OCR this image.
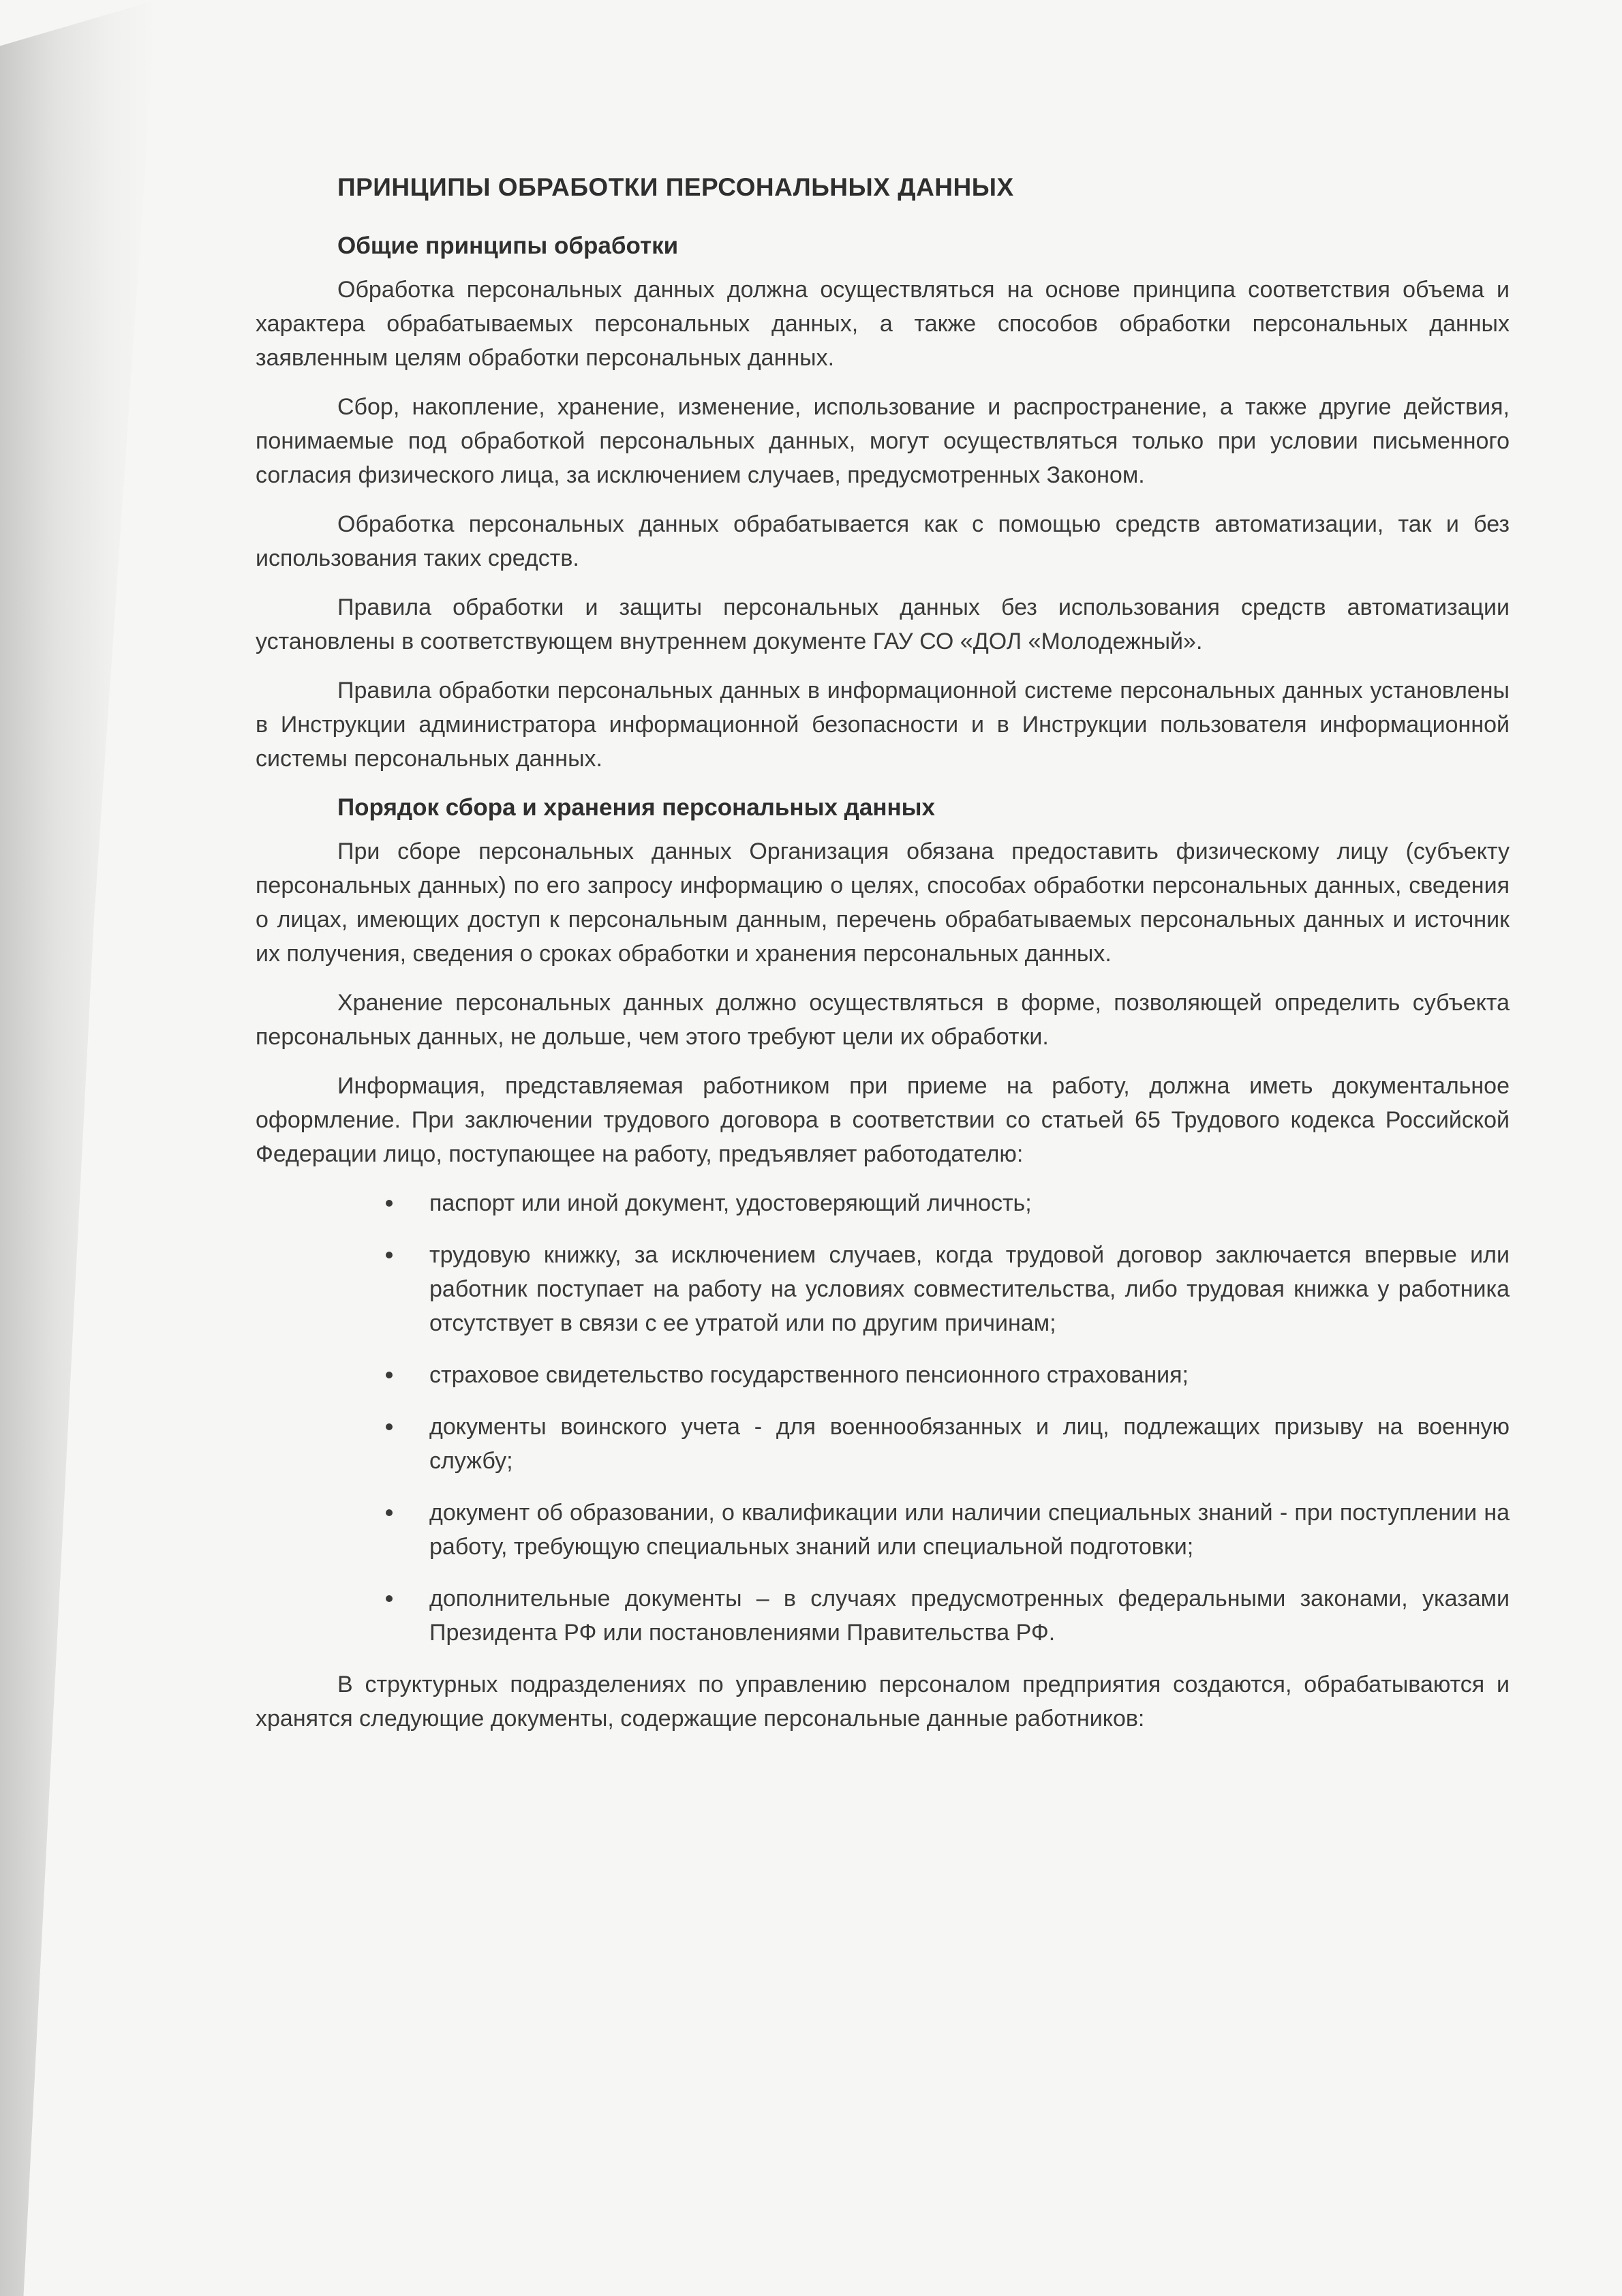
ПРИНЦИПЫ ОБРАБОТКИ ПЕРСОНАЛЬНЫХ ДАННЫХ
Общие принципы обработки

Обработка персональных данных должна осуществляться на основе принципа соответствия объема и характера обрабатываемых персональных данных, а также способов обработки персональных данных заявленным целям обработки персональных данных.

Сбор, накопление, хранение, изменение, использование и распространение, а также другие действия, понимаемые под обработкой персональных данных, могут осуществляться только при условии письменного согласия физического лица, за исключением случаев, предусмотренных Законом.

Обработка персональных данных обрабатывается как с помощью средств автоматизации, так и без использования таких средств.

Правила обработки и защиты персональных данных без использования средств автоматизации установлены в соответствующем внутреннем документе ГАУ СО «ДОЛ «Молодежный».

Правила обработки персональных данных в информационной системе персональных данных установлены в Инструкции администратора информационной безопасности и в Инструкции пользователя информационной системы персональных данных.

Порядок сбора и хранения персональных данных

При сборе персональных данных Организация обязана предоставить физическому лицу (субъекту персональных данных) по его запросу информацию о целях, способах обработки персональных данных, сведения о лицах, имеющих доступ к персональным данным, перечень обрабатываемых персональных данных и источник их получения, сведения о сроках обработки и хранения персональных данных.

Хранение персональных данных должно осуществляться в форме, позволяющей определить субъекта персональных данных, не дольше, чем этого требуют цели их обработки.

Информация, представляемая работником при приеме на работу, должна иметь документальное оформление. При заключении трудового договора в соответствии со статьей 65 Трудового кодекса Российской Федерации лицо, поступающее на работу, предъявляет работодателю:

паспорт или иной документ, удостоверяющий личность;
трудовую книжку, за исключением случаев, когда трудовой договор заключается впервые или работник поступает на работу на условиях совместительства, либо трудовая книжка у работника отсутствует в связи с ее утратой или по другим причинам;
страховое свидетельство государственного пенсионного страхования;
документы воинского учета - для военнообязанных и лиц, подлежащих призыву на военную службу;
документ об образовании, о квалификации или наличии специальных знаний - при поступлении на работу, требующую специальных знаний или специальной подготовки;
дополнительные документы – в случаях предусмотренных федеральными законами, указами Президента РФ или постановлениями Правительства РФ.

В структурных подразделениях по управлению персоналом предприятия создаются, обрабатываются и хранятся следующие документы, содержащие персональные данные работников:
